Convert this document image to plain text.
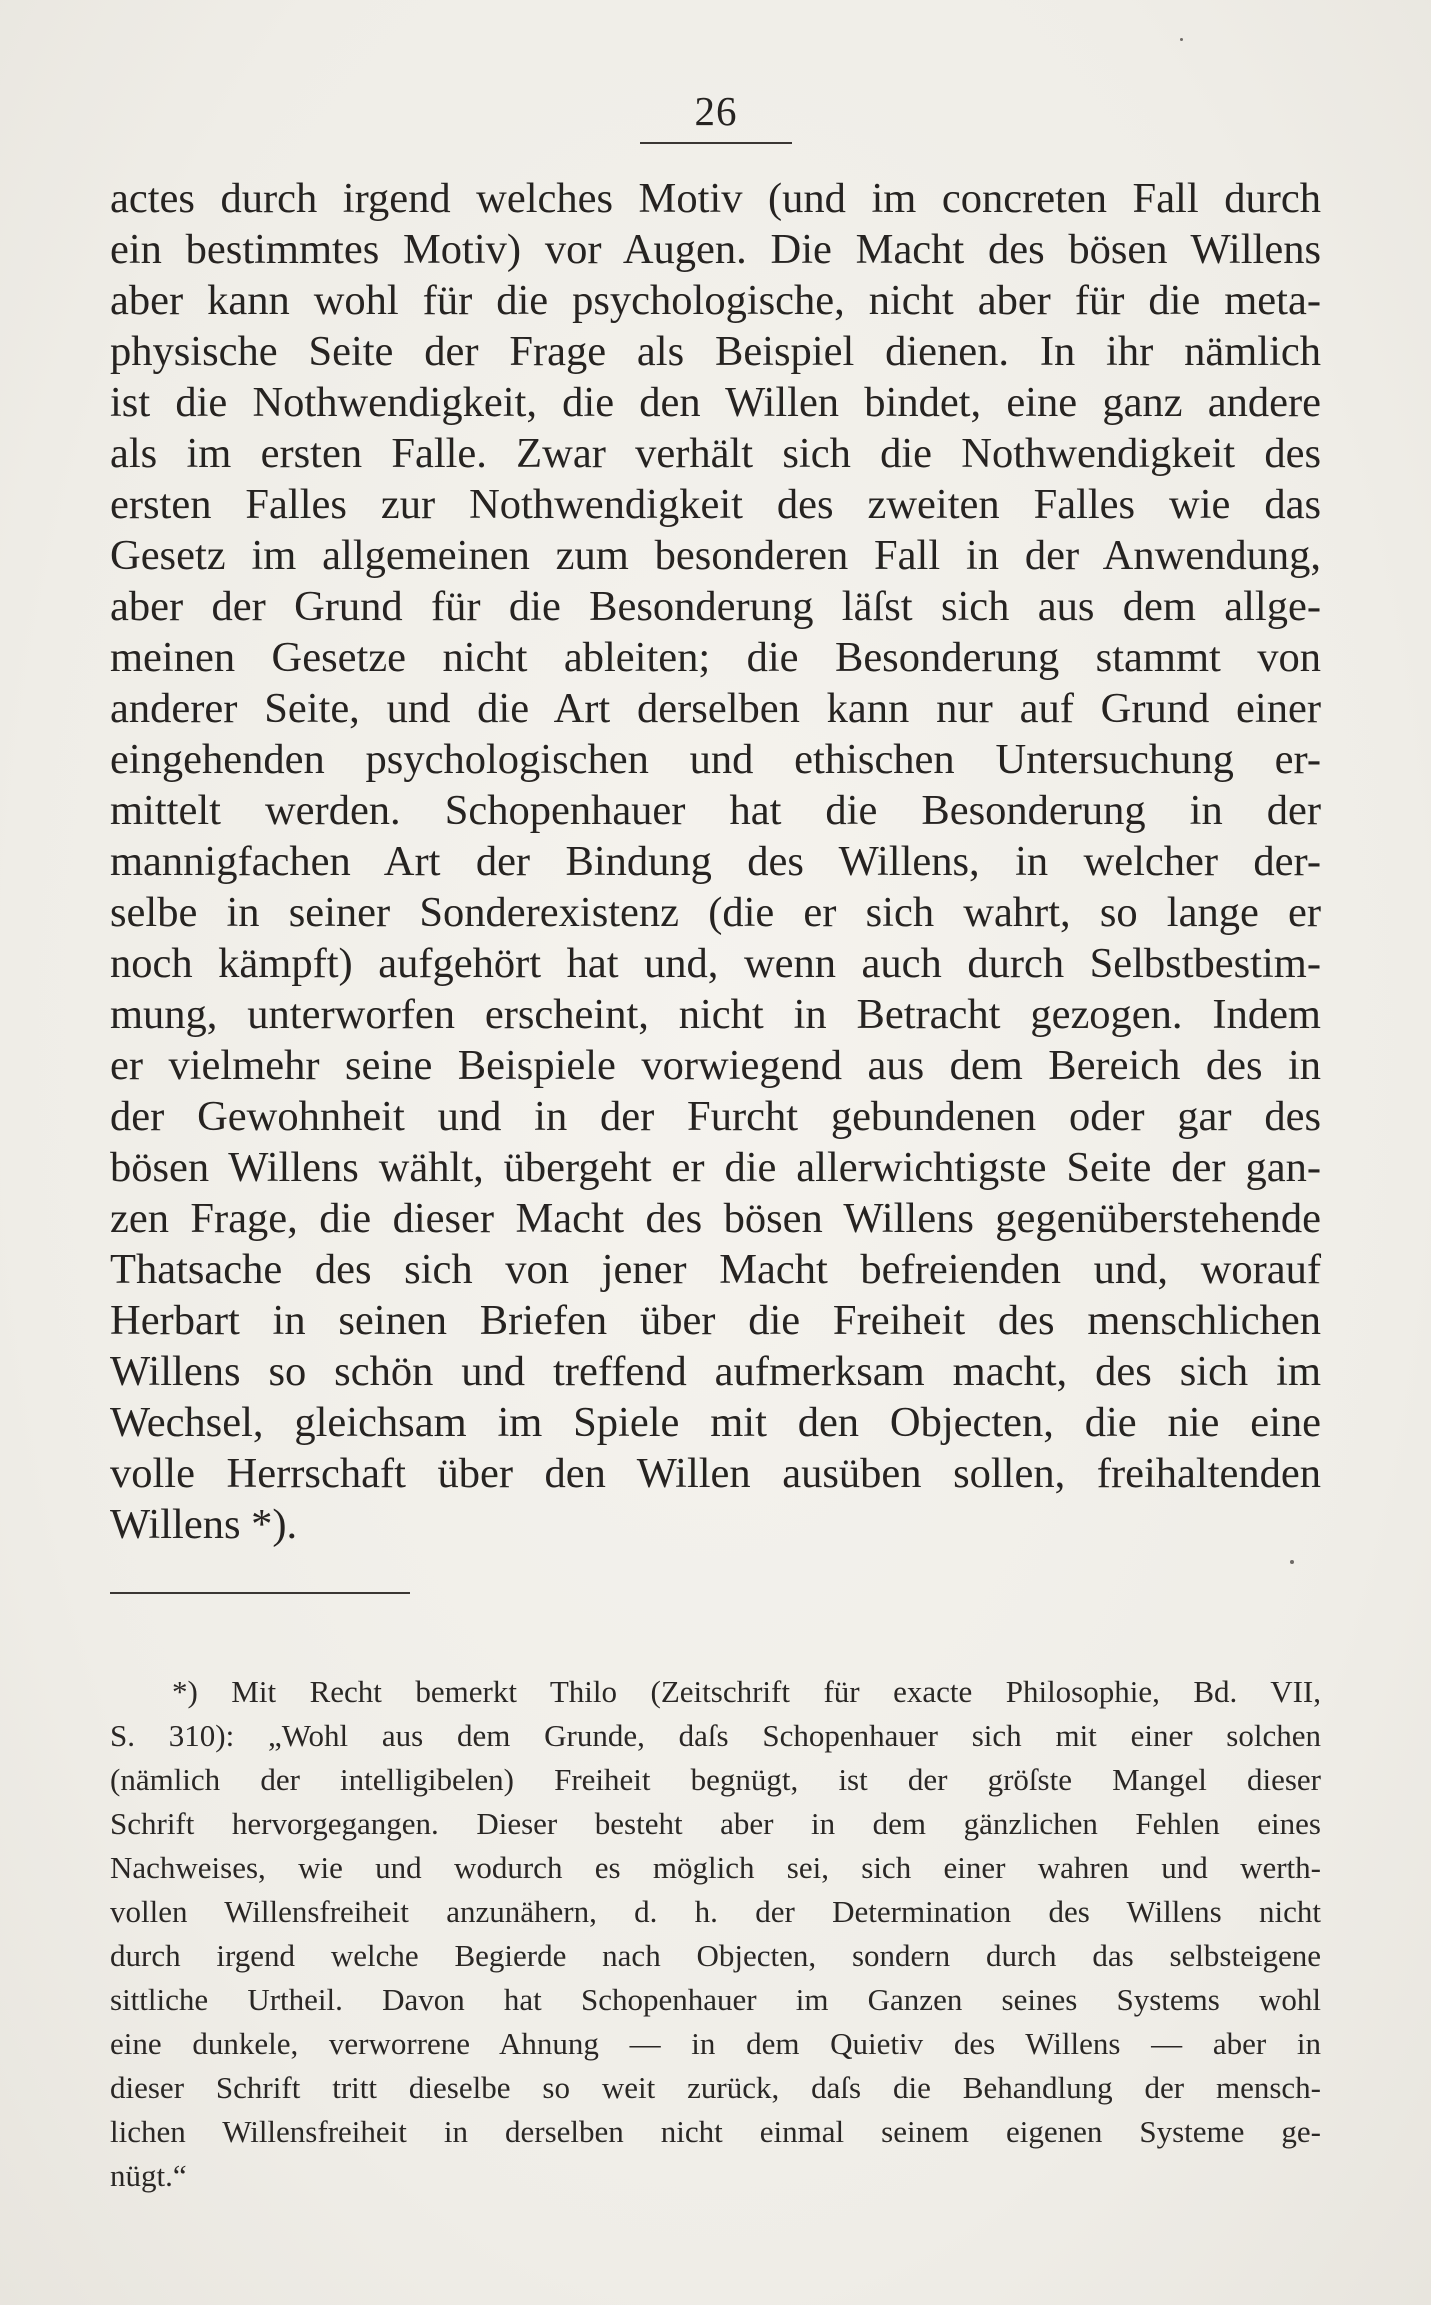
26
actes durch irgend welches Motiv (und im concreten Fall durch
ein bestimmtes Motiv) vor Augen. Die Macht des bösen Willens
aber kann wohl für die psychologische, nicht aber für die meta-
physische Seite der Frage als Beispiel dienen. In ihr nämlich
ist die Nothwendigkeit, die den Willen bindet, eine ganz andere
als im ersten Falle. Zwar verhält sich die Nothwendigkeit des
ersten Falles zur Nothwendigkeit des zweiten Falles wie das
Gesetz im allgemeinen zum besonderen Fall in der Anwendung,
aber der Grund für die Besonderung läſst sich aus dem allge-
meinen Gesetze nicht ableiten; die Besonderung stammt von
anderer Seite, und die Art derselben kann nur auf Grund einer
eingehenden psychologischen und ethischen Untersuchung er-
mittelt werden. Schopenhauer hat die Besonderung in der
mannigfachen Art der Bindung des Willens, in welcher der-
selbe in seiner Sonderexistenz (die er sich wahrt, so lange er
noch kämpft) aufgehört hat und, wenn auch durch Selbstbestim-
mung, unterworfen erscheint, nicht in Betracht gezogen. Indem
er vielmehr seine Beispiele vorwiegend aus dem Bereich des in
der Gewohnheit und in der Furcht gebundenen oder gar des
bösen Willens wählt, übergeht er die allerwichtigste Seite der gan-
zen Frage, die dieser Macht des bösen Willens gegenüberstehende
Thatsache des sich von jener Macht befreienden und, worauf
Herbart in seinen Briefen über die Freiheit des menschlichen
Willens so schön und treffend aufmerksam macht, des sich im
Wechsel, gleichsam im Spiele mit den Objecten, die nie eine
volle Herrschaft über den Willen ausüben sollen, freihaltenden
Willens *).
*) Mit Recht bemerkt Thilo (Zeitschrift für exacte Philosophie, Bd. VII,
S. 310): „Wohl aus dem Grunde, daſs Schopenhauer sich mit einer solchen
(nämlich der intelligibelen) Freiheit begnügt, ist der gröſste Mangel dieser
Schrift hervorgegangen. Dieser besteht aber in dem gänzlichen Fehlen eines
Nachweises, wie und wodurch es möglich sei, sich einer wahren und werth-
vollen Willensfreiheit anzunähern, d. h. der Determination des Willens nicht
durch irgend welche Begierde nach Objecten, sondern durch das selbsteigene
sittliche Urtheil. Davon hat Schopenhauer im Ganzen seines Systems wohl
eine dunkele, verworrene Ahnung — in dem Quietiv des Willens — aber in
dieser Schrift tritt dieselbe so weit zurück, daſs die Behandlung der mensch-
lichen Willensfreiheit in derselben nicht einmal seinem eigenen Systeme ge-
nügt.“
